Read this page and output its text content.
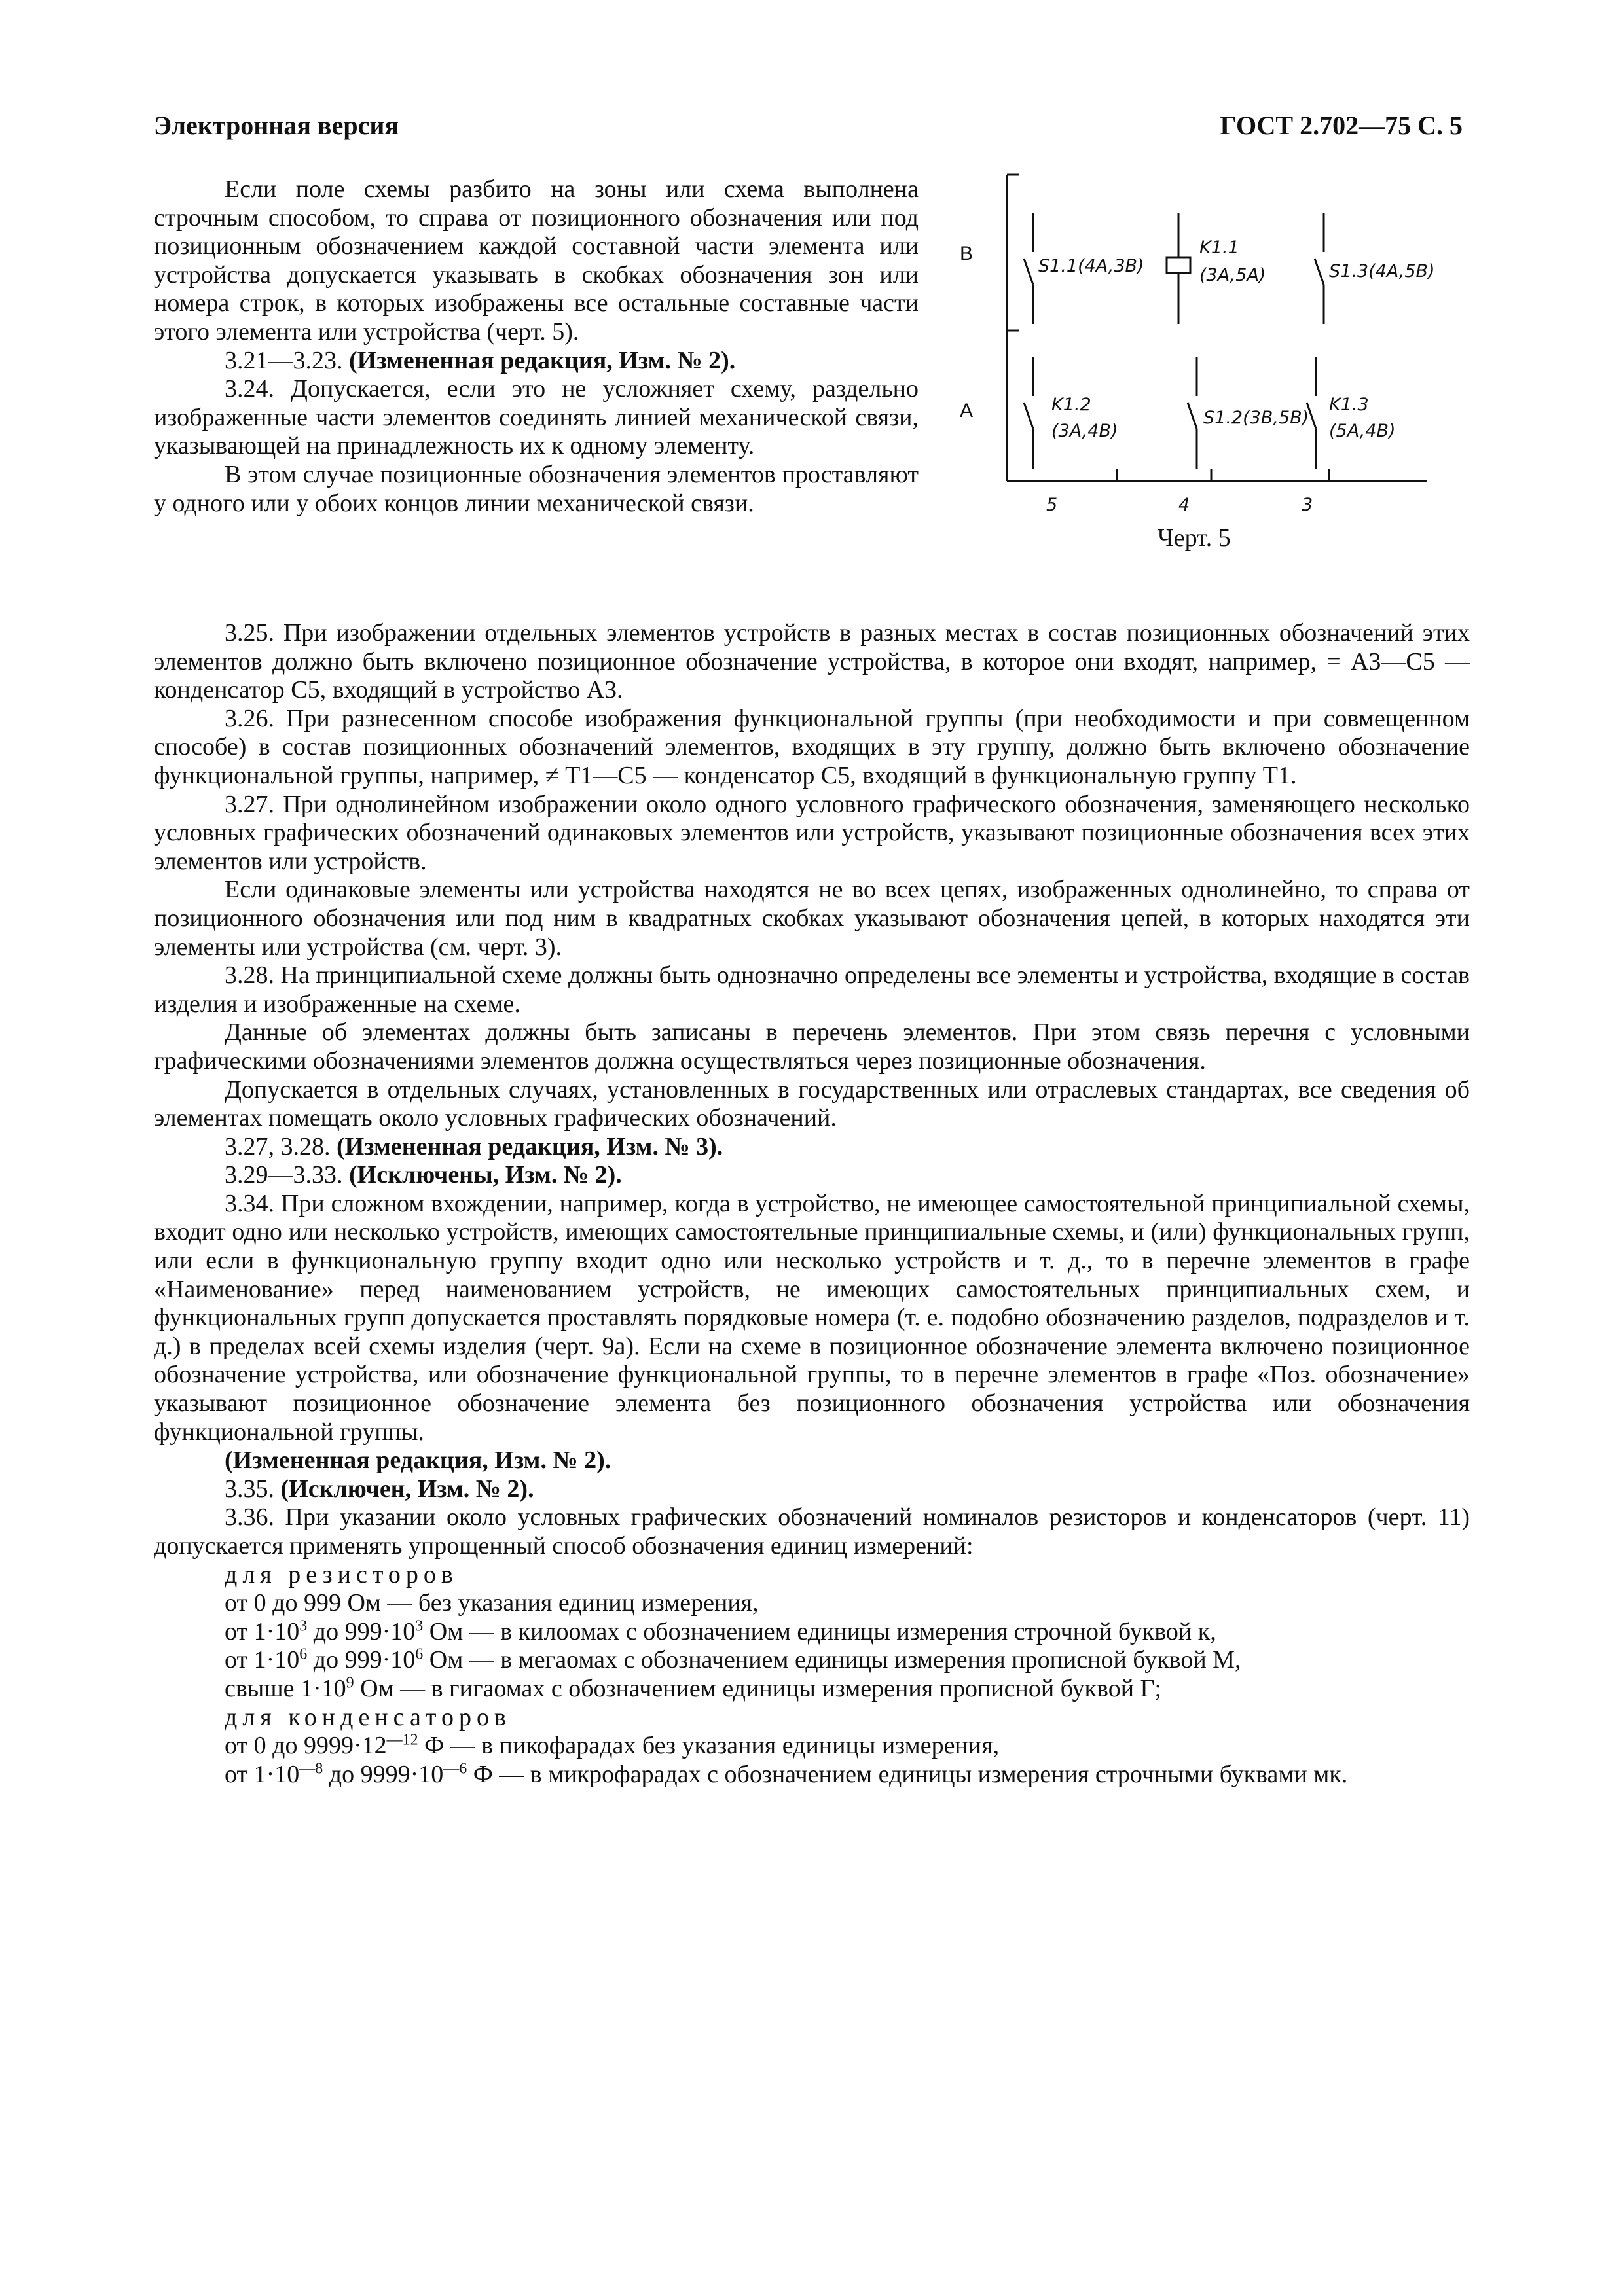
Электронная версия	ГОСТ 2.702—75 С. 5

Если поле схемы разбито на зоны или схема выполнена строчным способом, то справа от позиционного обозначения или под позиционным обозначением каждой составной части элемента или устройства допускается указывать в скобках обозначения зон или номера строк, в которых изображены все остальные составные части этого элемента или устройства (черт. 5).

3.21—3.23. (Измененная редакция, Изм. № 2).

3.24. Допускается, если это не усложняет схему, раздельно изображенные части элементов соединять линией механической связи, указывающей на принадлежность их к одному элементу.

В этом случае позиционные обозначения элементов проставляют у одного или у обоих концов линии механической связи.

B
A
S1.1(4A,3B)
K1.1
(3A,5A)	S1.3(4A,5B)
K1.2
(3A,4B)
S1.2(3B,5B)
K1.3
(5A,4B)
5	4	3
Черт. 5

3.25. При изображении отдельных элементов устройств в разных местах в состав позиционных обозначений этих элементов должно быть включено позиционное обозначение устройства, в которое они входят, например, = A3—C5 — конденсатор C5, входящий в устройство A3.

3.26. При разнесенном способе изображения функциональной группы (при необходимости и при совмещенном способе) в состав позиционных обозначений элементов, входящих в эту группу, должно быть включено обозначение функциональной группы, например, ≠ T1—C5 — конденсатор C5, входящий в функциональную группу T1.

3.27. При однолинейном изображении около одного условного графического обозначения, заменяющего несколько условных графических обозначений одинаковых элементов или устройств, указывают позиционные обозначения всех этих элементов или устройств.

Если одинаковые элементы или устройства находятся не во всех цепях, изображенных однолинейно, то справа от позиционного обозначения или под ним в квадратных скобках указывают обозначения цепей, в которых находятся эти элементы или устройства (см. черт. 3).

3.28. На принципиальной схеме должны быть однозначно определены все элементы и устройства, входящие в состав изделия и изображенные на схеме.

Данные об элементах должны быть записаны в перечень элементов. При этом связь перечня с условными графическими обозначениями элементов должна осуществляться через позиционные обозначения.

Допускается в отдельных случаях, установленных в государственных или отраслевых стандартах, все сведения об элементах помещать около условных графических обозначений.

3.27, 3.28. (Измененная редакция, Изм. № 3).

3.29—3.33. (Исключены, Изм. № 2).

3.34. При сложном вхождении, например, когда в устройство, не имеющее самостоятельной принципиальной схемы, входит одно или несколько устройств, имеющих самостоятельные принципиальные схемы, и (или) функциональных групп, или если в функциональную группу входит одно или несколько устройств и т. д., то в перечне элементов в графе «Наименование» перед наименованием устройств, не имеющих самостоятельных принципиальных схем, и функциональных групп допускается проставлять порядковые номера (т. е. подобно обозначению разделов, подразделов и т. д.) в пределах всей схемы изделия (черт. 9а). Если на схеме в позиционное обозначение элемента включено позиционное обозначение устройства, или обозначение функциональной группы, то в перечне элементов в графе «Поз. обозначение» указывают позиционное обозначение элемента без позиционного обозначения устройства или обозначения функциональной группы.

(Измененная редакция, Изм. № 2).

3.35. (Исключен, Изм. № 2).

3.36. При указании около условных графических обозначений номиналов резисторов и конденсаторов (черт. 11) допускается применять упрощенный способ обозначения единиц измерений:

для резисторов

от 0 до 999 Ом — без указания единиц измерения,

от $1\cdot 10^3$ до $999\cdot 10^3$ Ом — в килоомах с обозначением единицы измерения строчной буквой к,

от $1\cdot 10^6$ до $999\cdot 10^6$ Ом — в мегаомах с обозначением единицы измерения прописной буквой М,

свыше $1\cdot 10^9$ Ом — в гигаомах с обозначением единицы измерения прописной буквой Г;

для конденсаторов

от 0 до $9999\cdot 12^{—12}$ Ф — в пикофарадах без указания единицы измерения,

от $1\cdot 10^{—8}$ до $9999\cdot 10^{—6}$ Ф — в микрофарадах с обозначением единицы измерения строчными буквами мк.
